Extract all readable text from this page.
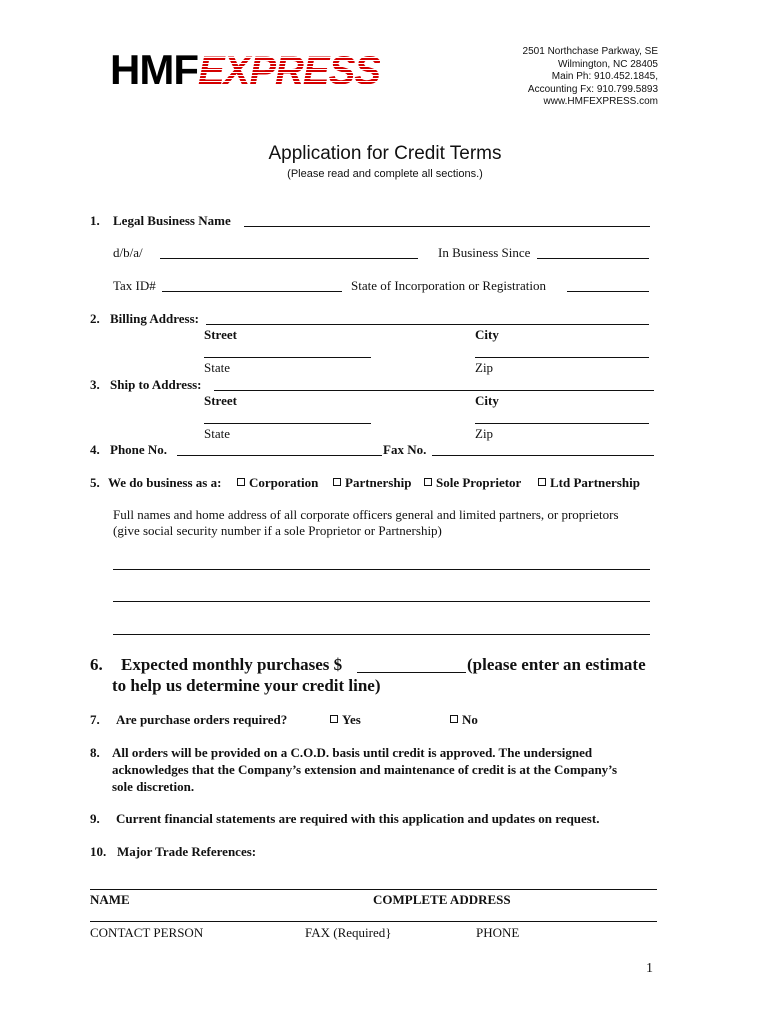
HMFEXPRESS	2501 Northchase Parkway, SE
Wilmington, NC 28405
Main Ph: 910.452.1845,
Accounting Fx: 910.799.5893
www.HMFEXPRESS.com
Application for Credit Terms
(Please read and complete all sections.)
1. Legal Business Name
d/b/a/	In Business Since
Tax ID#	State of Incorporation or Registration
2. Billing Address:
Street	City
State	Zip
3. Ship to Address:
Street	City
State	Zip
4. Phone No.	Fax No.
5. We do business as a:	Corporation	Partnership	Sole Proprietor	Ltd Partnership
Full names and home address of all corporate officers general and limited partners, or proprietors
(give social security number if a sole Proprietor or Partnership)
6. Expected monthly purchases $	(please enter an estimate
to help us determine your credit line)
7. Are purchase orders required?	Yes	No
8. All orders will be provided on a C.O.D. basis until credit is approved. The undersigned
acknowledges that the Company’s extension and maintenance of credit is at the Company’s
sole discretion.
9. Current financial statements are required with this application and updates on request.
10. Major Trade References:
NAME	COMPLETE ADDRESS
CONTACT PERSON	FAX (Required}	PHONE
1
